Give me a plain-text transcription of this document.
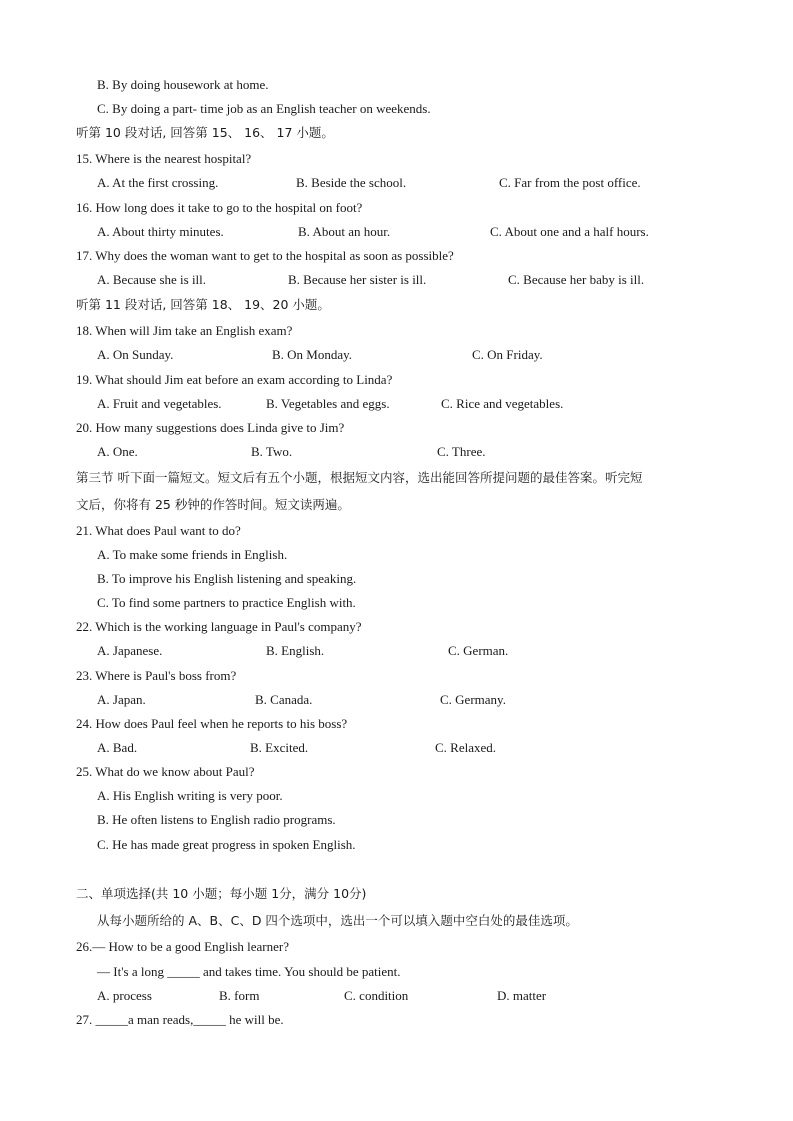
B. By doing housework at home.
C. By doing a part- time job as an English teacher on weekends.
听第 10 段对话, 回答第 15、 16、 17 小题。
15. Where is the nearest hospital?
A. At the first crossing.	B. Beside the school.	C. Far from the post office.
16. How long does it take to go to the hospital on foot?
A. About thirty minutes.	B. About an hour.	C. About one and a half hours.
17. Why does the woman want to get to the hospital as soon as possible?
A. Because she is ill.	B. Because her sister is ill.	C. Because her baby is ill.
听第 11 段对话, 回答第 18、 19、20 小题。
18. When will Jim take an English exam?
A. On Sunday.	B. On Monday.	C. On Friday.
19. What should Jim eat before an exam according to Linda?
A. Fruit and vegetables.	B. Vegetables and eggs.	C. Rice and vegetables.
20. How many suggestions does Linda give to Jim?
A. One.	B. Two.	C. Three.
第三节 听下面一篇短文。短文后有五个小题，根据短文内容，选出能回答所提问题的最佳答案。听完短
文后，你将有 25 秒钟的作答时间。短文读两遍。
21. What does Paul want to do?
A. To make some friends in English.
B. To improve his English listening and speaking.
C. To find some partners to practice English with.
22. Which is the working language in Paul's company?
A. Japanese.	B. English.	C. German.
23. Where is Paul's boss from?
A. Japan.	B. Canada.	C. Germany.
24. How does Paul feel when he reports to his boss?
A. Bad.	B. Excited.	C. Relaxed.
25. What do we know about Paul?
A. His English writing is very poor.
B. He often listens to English radio programs.
C. He has made great progress in spoken English.
二、单项选择(共 10 小题；每小题 1分，满分 10分)
从每小题所给的 A、B、C、D 四个选项中，选出一个可以填入题中空白处的最佳选项。
26.— How to be a good English learner?
— It's a long _____ and takes time. You should be patient.
A. process	B. form	C. condition	D. matter
27. _____a man reads,_____ he will be.
